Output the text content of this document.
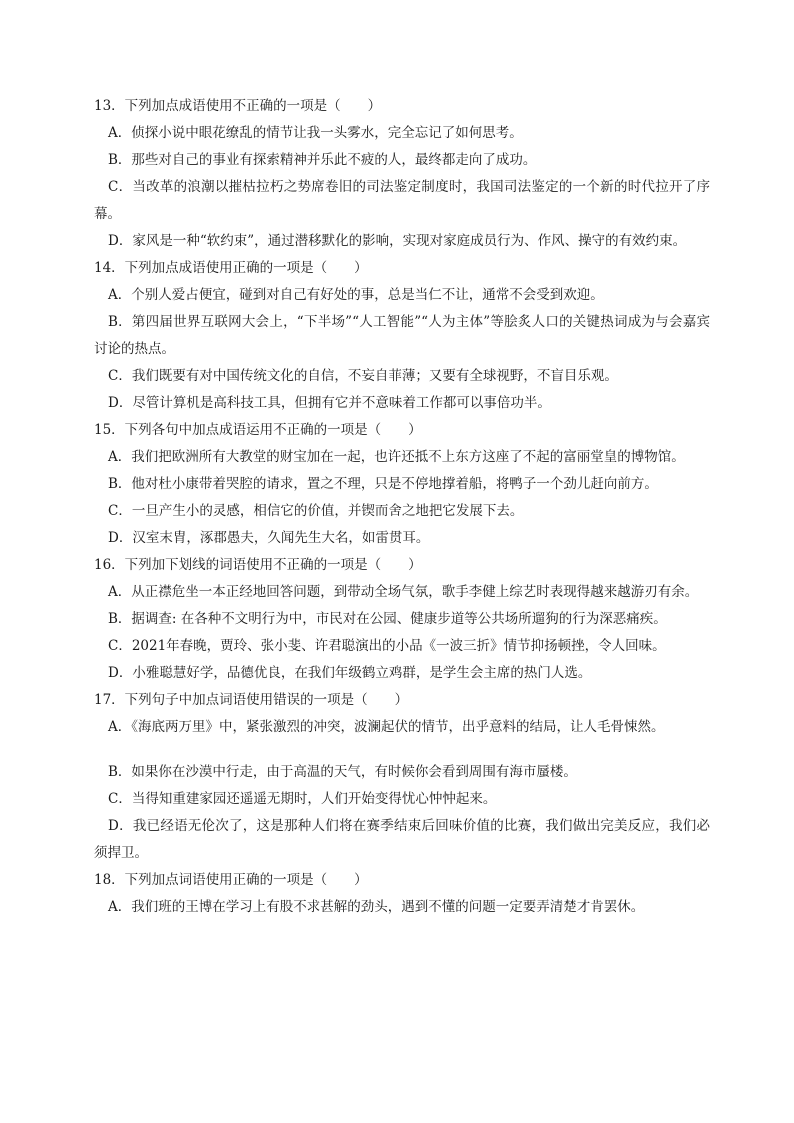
13．下列加点成语使用不正确的一项是（　　）

A．侦探小说中眼花缭乱的情节让我一头雾水，完全忘记了如何思考。

B．那些对自己的事业有探索精神并乐此不疲的人，最终都走向了成功。

C．当改革的浪潮以摧枯拉朽之势席卷旧的司法鉴定制度时，我国司法鉴定的一个新的时代拉开了序幕。

D．家风是一种“软约束”，通过潜移默化的影响，实现对家庭成员行为、作风、操守的有效约束。

14．下列加点成语使用正确的一项是（　　）

A．个别人爱占便宜，碰到对自己有好处的事，总是当仁不让，通常不会受到欢迎。

B．第四届世界互联网大会上，“下半场”“人工智能”“人为主体”等脍炙人口的关键热词成为与会嘉宾讨论的热点。

C．我们既要有对中国传统文化的自信，不妄自菲薄；又要有全球视野，不盲目乐观。

D．尽管计算机是高科技工具，但拥有它并不意味着工作都可以事倍功半。

15．下列各句中加点成语运用不正确的一项是（　　）

A．我们把欧洲所有大教堂的财宝加在一起，也许还抵不上东方这座了不起的富丽堂皇的博物馆。

B．他对杜小康带着哭腔的请求，置之不理，只是不停地撑着船，将鸭子一个劲儿赶向前方。

C．一旦产生小的灵感，相信它的价值，并锲而舍之地把它发展下去。

D．汉室末胄，涿郡愚夫，久闻先生大名，如雷贯耳。

16．下列加下划线的词语使用不正确的一项是（　　）

A．从正襟危坐一本正经地回答问题，到带动全场气氛，歌手李健上综艺时表现得越来越游刃有余。

B．据调查: 在各种不文明行为中，市民对在公园、健康步道等公共场所遛狗的行为深恶痛疾。

C．2021年春晚，贾玲、张小斐、许君聪演出的小品《一波三折》情节抑扬顿挫，令人回味。

D．小雅聪慧好学，品德优良，在我们年级鹤立鸡群，是学生会主席的热门人选。

17．下列句子中加点词语使用错误的一项是（　　）

A．《海底两万里》中，紧张激烈的冲突，波澜起伏的情节，出乎意料的结局，让人毛骨悚然。

B．如果你在沙漠中行走，由于高温的天气，有时候你会看到周围有海市蜃楼。

C．当得知重建家园还遥遥无期时，人们开始变得忧心忡忡起来。

D．我已经语无伦次了，这是那种人们将在赛季结束后回味价值的比赛，我们做出完美反应，我们必须捍卫。

18．下列加点词语使用正确的一项是（　　）

A．我们班的王博在学习上有股不求甚解的劲头，遇到不懂的问题一定要弄清楚才肯罢休。
